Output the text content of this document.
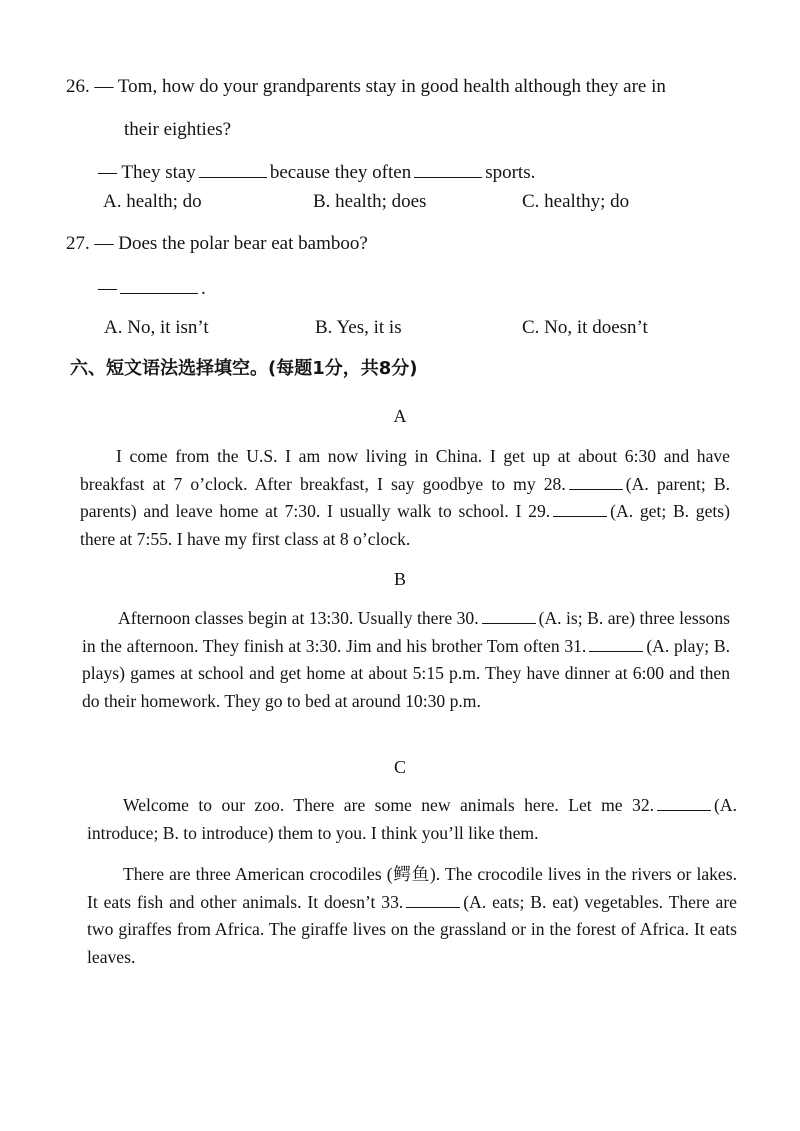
26. — Tom, how do your grandparents stay in good health although they are in
their eighties?
— They stay	because they often	sports.
A. health; do	B. health; does	C. healthy; do
27. — Does the polar bear eat bamboo?
—	.
A. No, it isn’t	B. Yes, it is	C. No, it doesn’t
六、短文语法选择填空。(每题1分，共8分)
A
I come from the U.S. I am now living in China. I get up at about 6:30 and have breakfast at 7 o’clock. After breakfast, I say goodbye to my 28.	(A. parent; B. parents) and leave home at 7:30. I usually walk to school. I 29.	(A. get; B. gets) there at 7:55. I have my first class at 8 o’clock.
B
Afternoon classes begin at 13:30. Usually there 30.	(A. is; B. are) three lessons in the afternoon. They finish at 3:30. Jim and his brother Tom often 31.	(A. play; B. plays) games at school and get home at about 5:15 p.m. They have dinner at 6:00 and then do their homework. They go to bed at around 10:30 p.m.
C
Welcome to our zoo. There are some new animals here. Let me 32.	(A. introduce; B. to introduce) them to you. I think you’ll like them.
There are three American crocodiles (鳄鱼). The crocodile lives in the rivers or lakes. It eats fish and other animals. It doesn’t 33.	(A. eats; B. eat) vegetables. There are two giraffes from Africa. The giraffe lives on the grassland or in the forest of Africa. It eats leaves.
